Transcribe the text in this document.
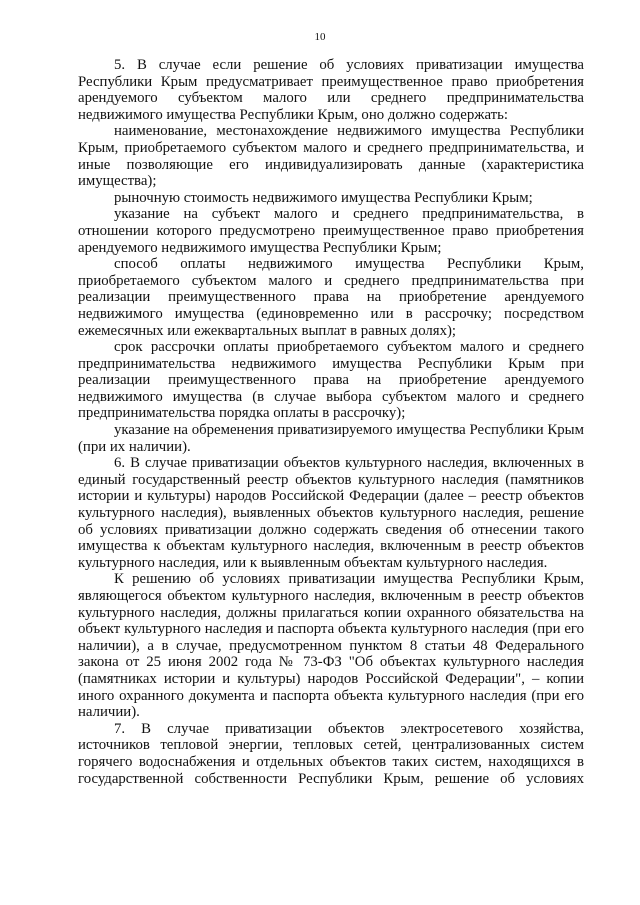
10

5. В случае если решение об условиях приватизации имущества Республики Крым предусматривает преимущественное право приобретения арендуемого субъектом малого или среднего предпринимательства недвижимого имущества Республики Крым, оно должно содержать:

наименование, местонахождение недвижимого имущества Республики Крым, приобретаемого субъектом малого и среднего предпринимательства, и иные позволяющие его индивидуализировать данные (характеристика имущества);

рыночную стоимость недвижимого имущества Республики Крым;

указание на субъект малого и среднего предпринимательства, в отношении которого предусмотрено преимущественное право приобретения арендуемого недвижимого имущества Республики Крым;

способ оплаты недвижимого имущества Республики Крым, приобретаемого субъектом малого и среднего предпринимательства при реализации преимущественного права на приобретение арендуемого недвижимого имущества (единовременно или в рассрочку; посредством ежемесячных или ежеквартальных выплат в равных долях);

срок рассрочки оплаты приобретаемого субъектом малого и среднего предпринимательства недвижимого имущества Республики Крым при реализации преимущественного права на приобретение арендуемого недвижимого имущества (в случае выбора субъектом малого и среднего предпринимательства порядка оплаты в рассрочку);

указание на обременения приватизируемого имущества Республики Крым (при их наличии).

6. В случае приватизации объектов культурного наследия, включенных в единый государственный реестр объектов культурного наследия (памятников истории и культуры) народов Российской Федерации (далее – реестр объектов культурного наследия), выявленных объектов культурного наследия, решение об условиях приватизации должно содержать сведения об отнесении такого имущества к объектам культурного наследия, включенным в реестр объектов культурного наследия, или к выявленным объектам культурного наследия.

К решению об условиях приватизации имущества Республики Крым, являющегося объектом культурного наследия, включенным в реестр объектов культурного наследия, должны прилагаться копии охранного обязательства на объект культурного наследия и паспорта объекта культурного наследия (при его наличии), а в случае, предусмотренном пунктом 8 статьи 48 Федерального закона от 25 июня 2002 года № 73-ФЗ "Об объектах культурного наследия (памятниках истории и культуры) народов Российской Федерации", – копии иного охранного документа и паспорта объекта культурного наследия (при его наличии).

7. В случае приватизации объектов электросетевого хозяйства, источников тепловой энергии, тепловых сетей, централизованных систем горячего водоснабжения и отдельных объектов таких систем, находящихся в государственной собственности Республики Крым, решение об условиях
